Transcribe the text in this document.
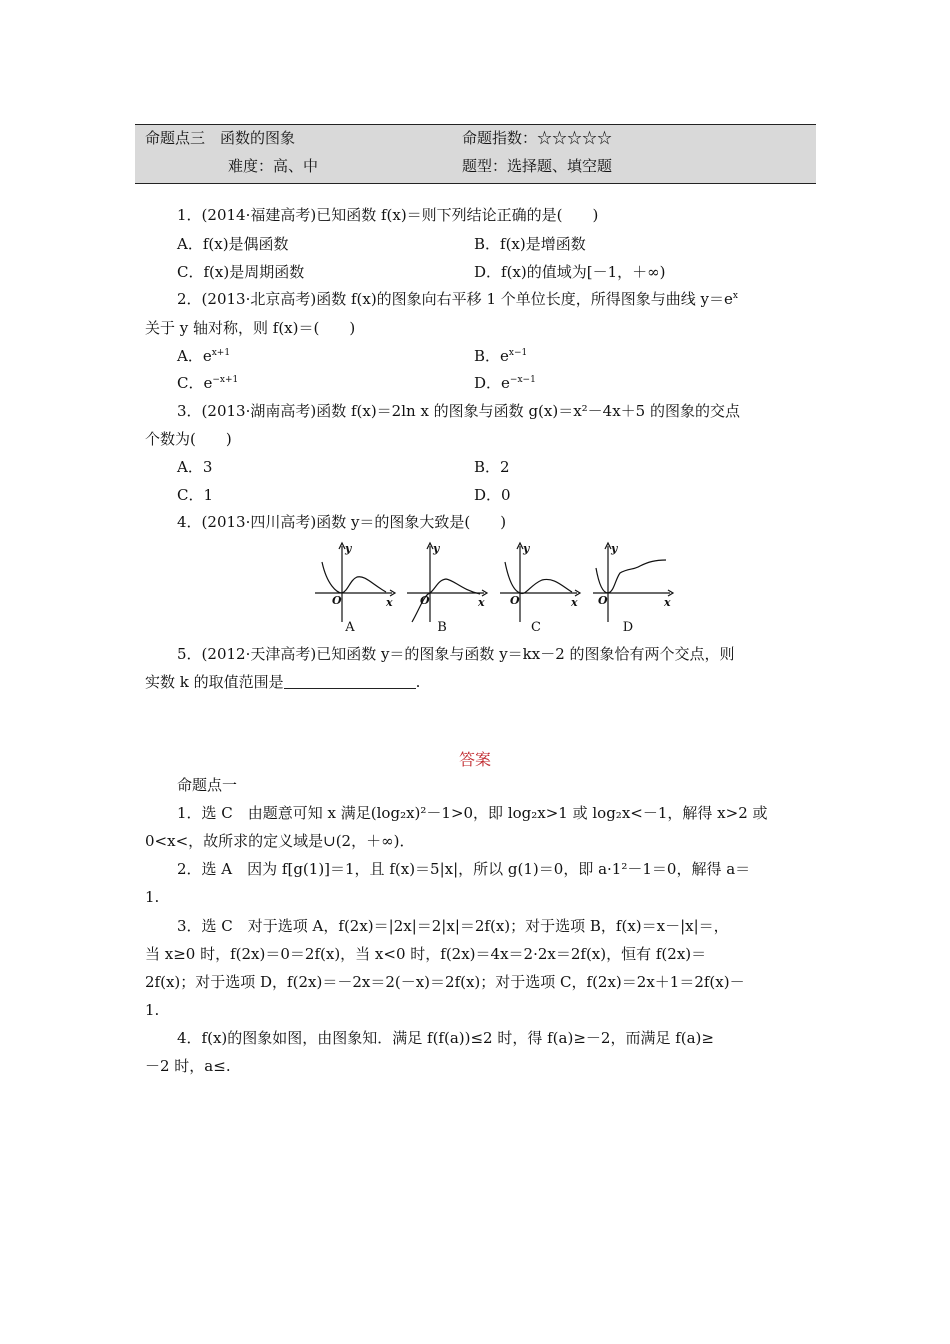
命题点三　函数的图象	命题指数：☆☆☆☆☆
难度：高、中	题型：选择题、填空题
1．(2014·福建高考)已知函数 f(x)＝则下列结论正确的是(　　)
A．f(x)是偶函数	B．f(x)是增函数
C．f(x)是周期函数	D．f(x)的值域为[－1，＋∞)
2．(2013·北京高考)函数 f(x)的图象向右平移 1 个单位长度，所得图象与曲线 $y=e^x$
关于 y 轴对称，则 f(x)＝(　　)
A．$e^{x+1}$	B．$e^{x-1}$
C．$e^{-x+1}$	D．$e^{-x-1}$
3．(2013·湖南高考)函数 f(x)＝2ln x 的图象与函数 g(x)＝x²－4x＋5 的图象的交点
个数为(　　)
A．3	B．2
C．1	D．0
4．(2013·四川高考)函数 y＝的图象大致是(　　)
y
x
O
y
x
O
y
x
O
y
x
O
A	B	C	D
5．(2012·天津高考)已知函数 y＝的图象与函数 y＝kx－2 的图象恰有两个交点，则
实数 k 的取值范围是	.
答案
命题点一
1．选 C　由题意可知 x 满足(log₂x)²－1>0，即 log₂x>1 或 log₂x<－1，解得 x>2 或
0<x<，故所求的定义域是∪(2，＋∞)．
2．选 A　因为 f[g(1)]＝1，且 f(x)＝5|x|，所以 g(1)＝0，即 a·1²－1＝0，解得 a＝
1.
3．选 C　对于选项 A，f(2x)＝|2x|＝2|x|＝2f(x)；对于选项 B，f(x)＝x－|x|＝，
当 x≥0 时，f(2x)＝0＝2f(x)，当 x<0 时，f(2x)＝4x＝2·2x＝2f(x)，恒有 f(2x)＝
2f(x)；对于选项 D，f(2x)＝－2x＝2(－x)＝2f(x)；对于选项 C，f(2x)＝2x＋1＝2f(x)－
1.
4．f(x)的图象如图，由图象知．满足 f(f(a))≤2 时，得 f(a)≥－2，而满足 f(a)≥
－2 时，a≤.
